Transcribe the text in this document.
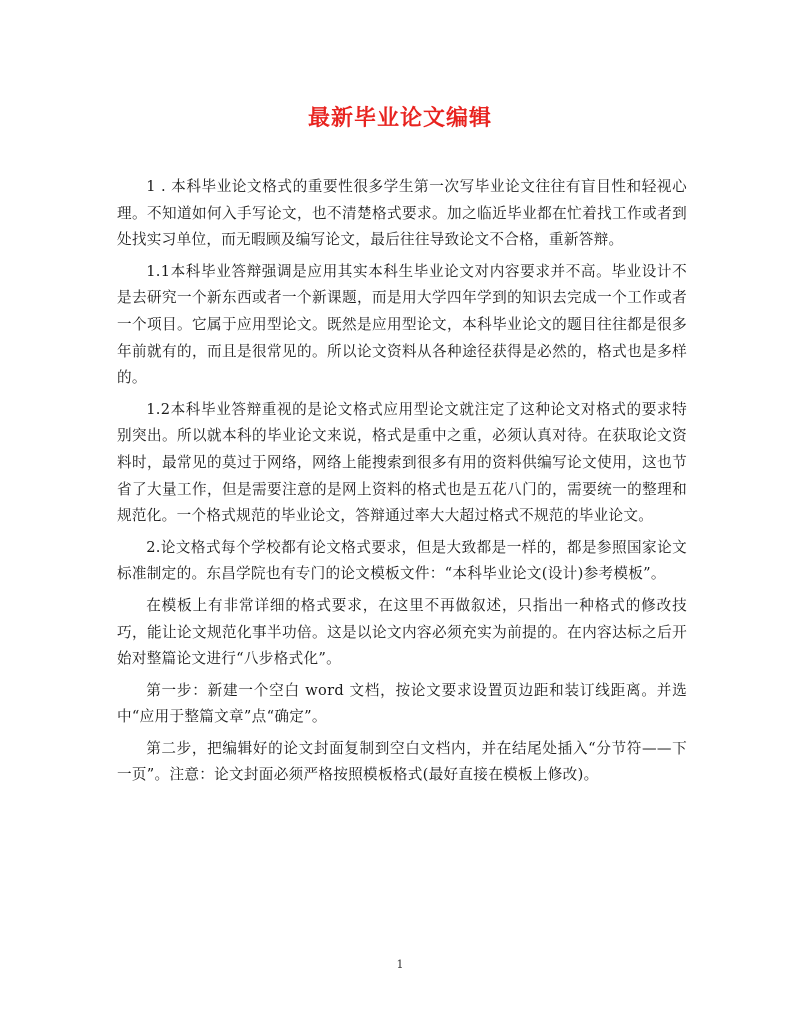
最新毕业论文编辑

1 . 本科毕业论文格式的重要性很多学生第一次写毕业论文往往有盲目性和轻视心理。不知道如何入手写论文，也不清楚格式要求。加之临近毕业都在忙着找工作或者到处找实习单位，而无暇顾及编写论文，最后往往导致论文不合格，重新答辩。

1.1本科毕业答辩强调是应用其实本科生毕业论文对内容要求并不高。毕业设计不是去研究一个新东西或者一个新课题，而是用大学四年学到的知识去完成一个工作或者一个项目。它属于应用型论文。既然是应用型论文，本科毕业论文的题目往往都是很多年前就有的，而且是很常见的。所以论文资料从各种途径获得是必然的，格式也是多样的。

1.2本科毕业答辩重视的是论文格式应用型论文就注定了这种论文对格式的要求特别突出。所以就本科的毕业论文来说，格式是重中之重，必须认真对待。在获取论文资料时，最常见的莫过于网络，网络上能搜索到很多有用的资料供编写论文使用，这也节省了大量工作，但是需要注意的是网上资料的格式也是五花八门的，需要统一的整理和规范化。一个格式规范的毕业论文，答辩通过率大大超过格式不规范的毕业论文。

2.论文格式每个学校都有论文格式要求，但是大致都是一样的，都是参照国家论文标准制定的。东昌学院也有专门的论文模板文件：“本科毕业论文(设计)参考模板”。

在模板上有非常详细的格式要求，在这里不再做叙述，只指出一种格式的修改技巧，能让论文规范化事半功倍。这是以论文内容必须充实为前提的。在内容达标之后开始对整篇论文进行“八步格式化”。

第一步：新建一个空白 word 文档，按论文要求设置页边距和装订线距离。并选中“应用于整篇文章”点“确定”。

第二步，把编辑好的论文封面复制到空白文档内，并在结尾处插入“分节符——下一页”。注意：论文封面必须严格按照模板格式(最好直接在模板上修改)。

1
